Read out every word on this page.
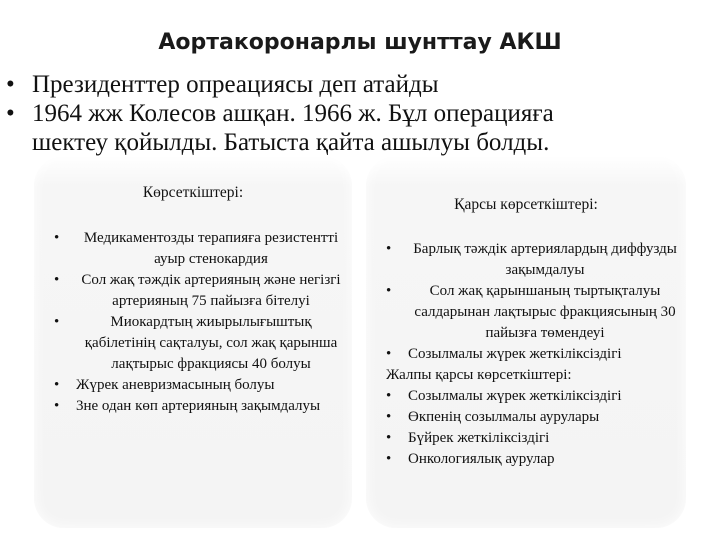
Аортакоронарлы шунттау АКШ
• Президенттер опреациясы деп атайды
• 1964 жж Колесов ашқан. 1966 ж. Бұл операцияға
шектеу қойылды. Батыста қайта ашылуы болды.
Көрсеткіштері:
•	Медикаментозды терапияға резистентті ауыр стенокардия
•	Сол жақ тәждік артерияның және негізгі артерияның 75 пайызға бітелуі
•	Миокардтың жиырылығыштық қабілетінің сақталуы, сол жақ қарынша лақтырыс фракциясы 40 болуы
•	Жүрек аневризмасының болуы
•	3не одан көп артерияның зақымдалуы
Қарсы көрсеткіштері:
•	Барлық тәждік артериялардың диффузды зақымдалуы
•	Сол жақ қарыншаның тыртықталуы салдарынан лақтырыс фракциясының 30 пайызға төмендеуі
•	Созылмалы жүрек жеткіліксіздігі
Жалпы қарсы көрсеткіштері:
•	Созылмалы жүрек жеткіліксіздігі
•	Өкпенің созылмалы аурулары
•	Бүйрек жеткіліксіздігі
•	Онкологиялық аурулар
